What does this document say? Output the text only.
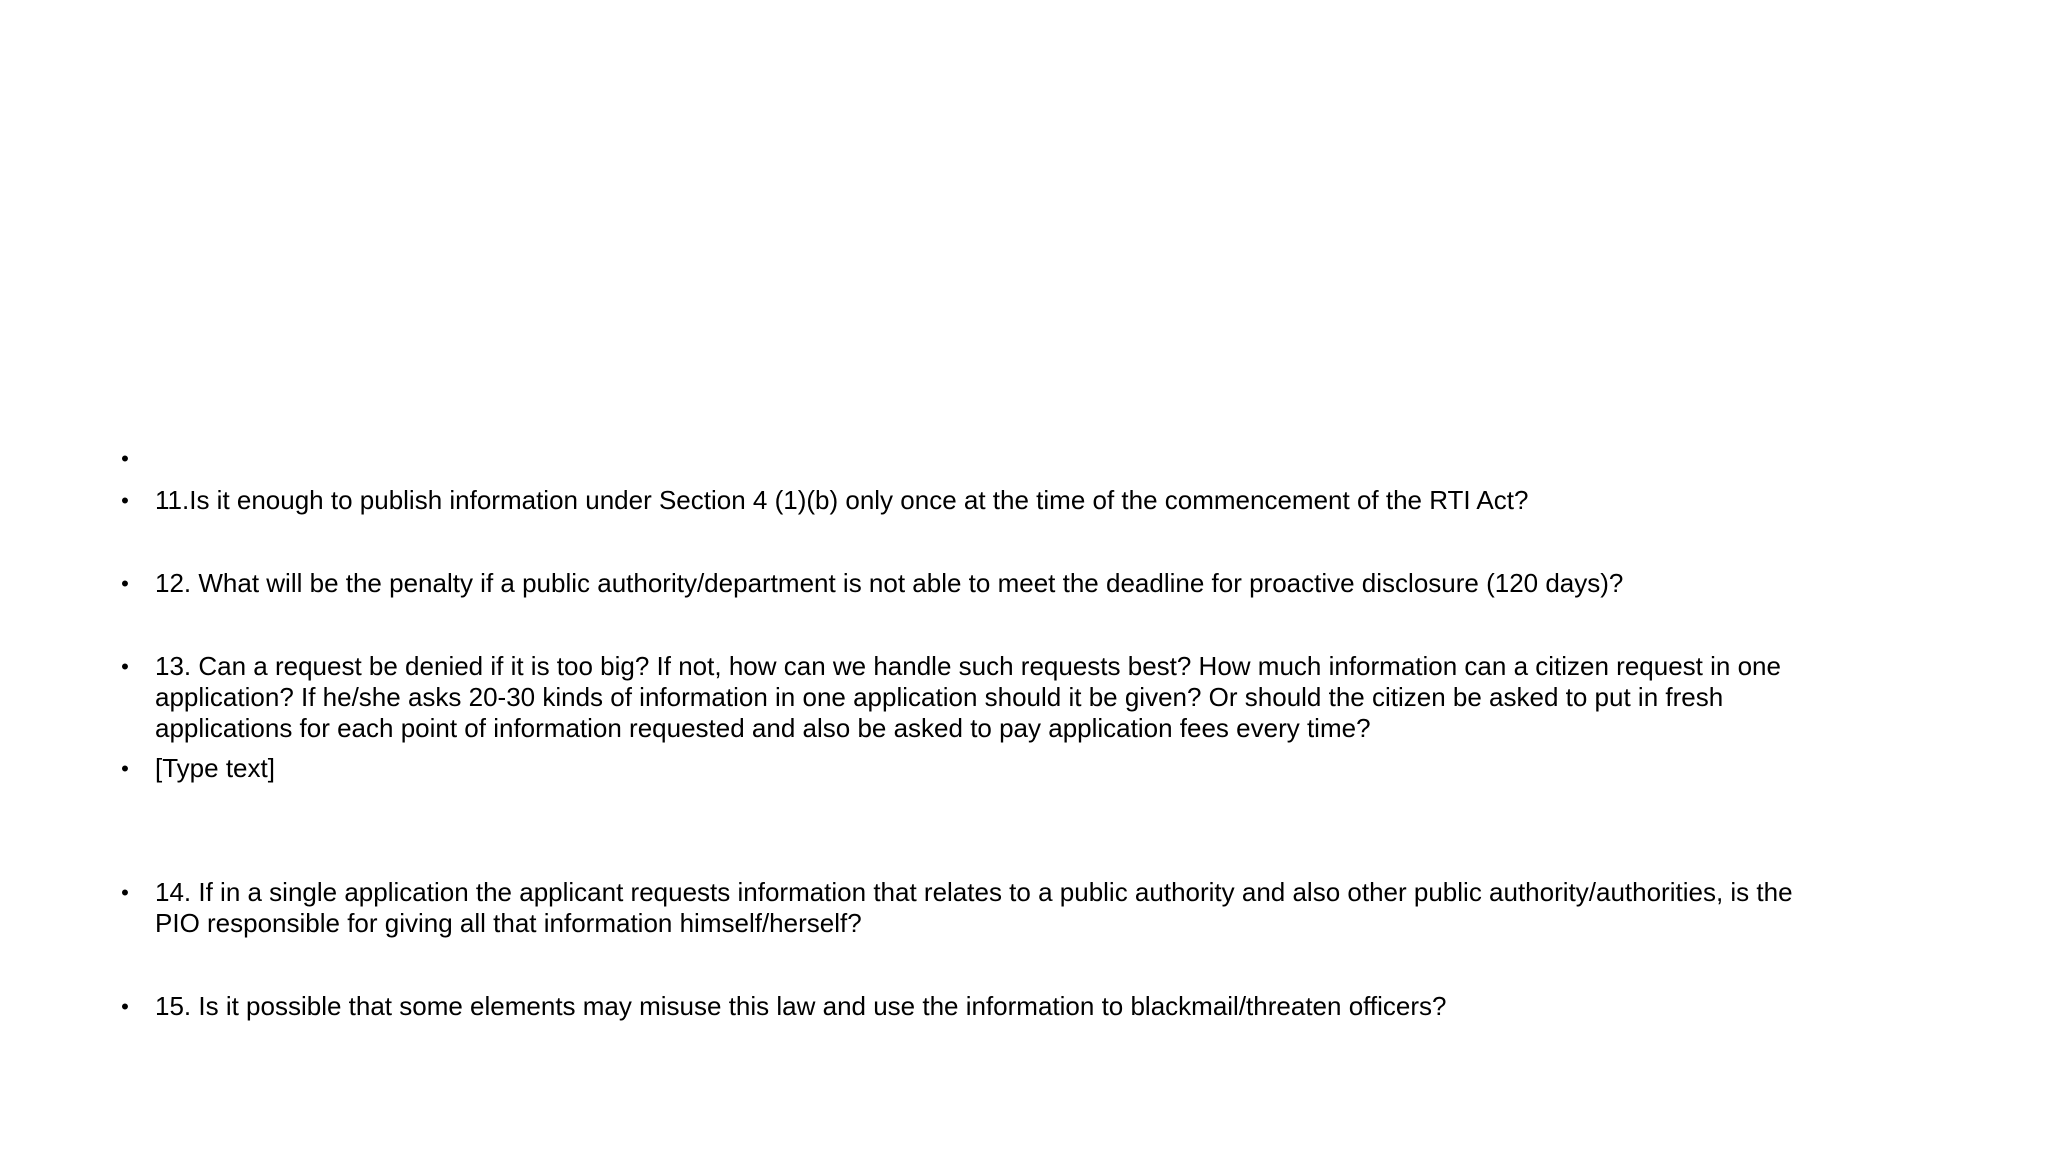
•
• 11.Is it enough to publish information under Section 4 (1)(b) only once at the time of the commencement of the RTI Act?
• 12. What will be the penalty if a public authority/department is not able to meet the deadline for proactive disclosure (120 days)?
• 13. Can a request be denied if it is too big? If not, how can we handle such requests best? How much information can a citizen request in one
application? If he/she asks 20-30 kinds of information in one application should it be given? Or should the citizen be asked to put in fresh
applications for each point of information requested and also be asked to pay application fees every time?
• [Type text]
• 14. If in a single application the applicant requests information that relates to a public authority and also other public authority/authorities, is the
PIO responsible for giving all that information himself/herself?
• 15. Is it possible that some elements may misuse this law and use the information to blackmail/threaten officers?
